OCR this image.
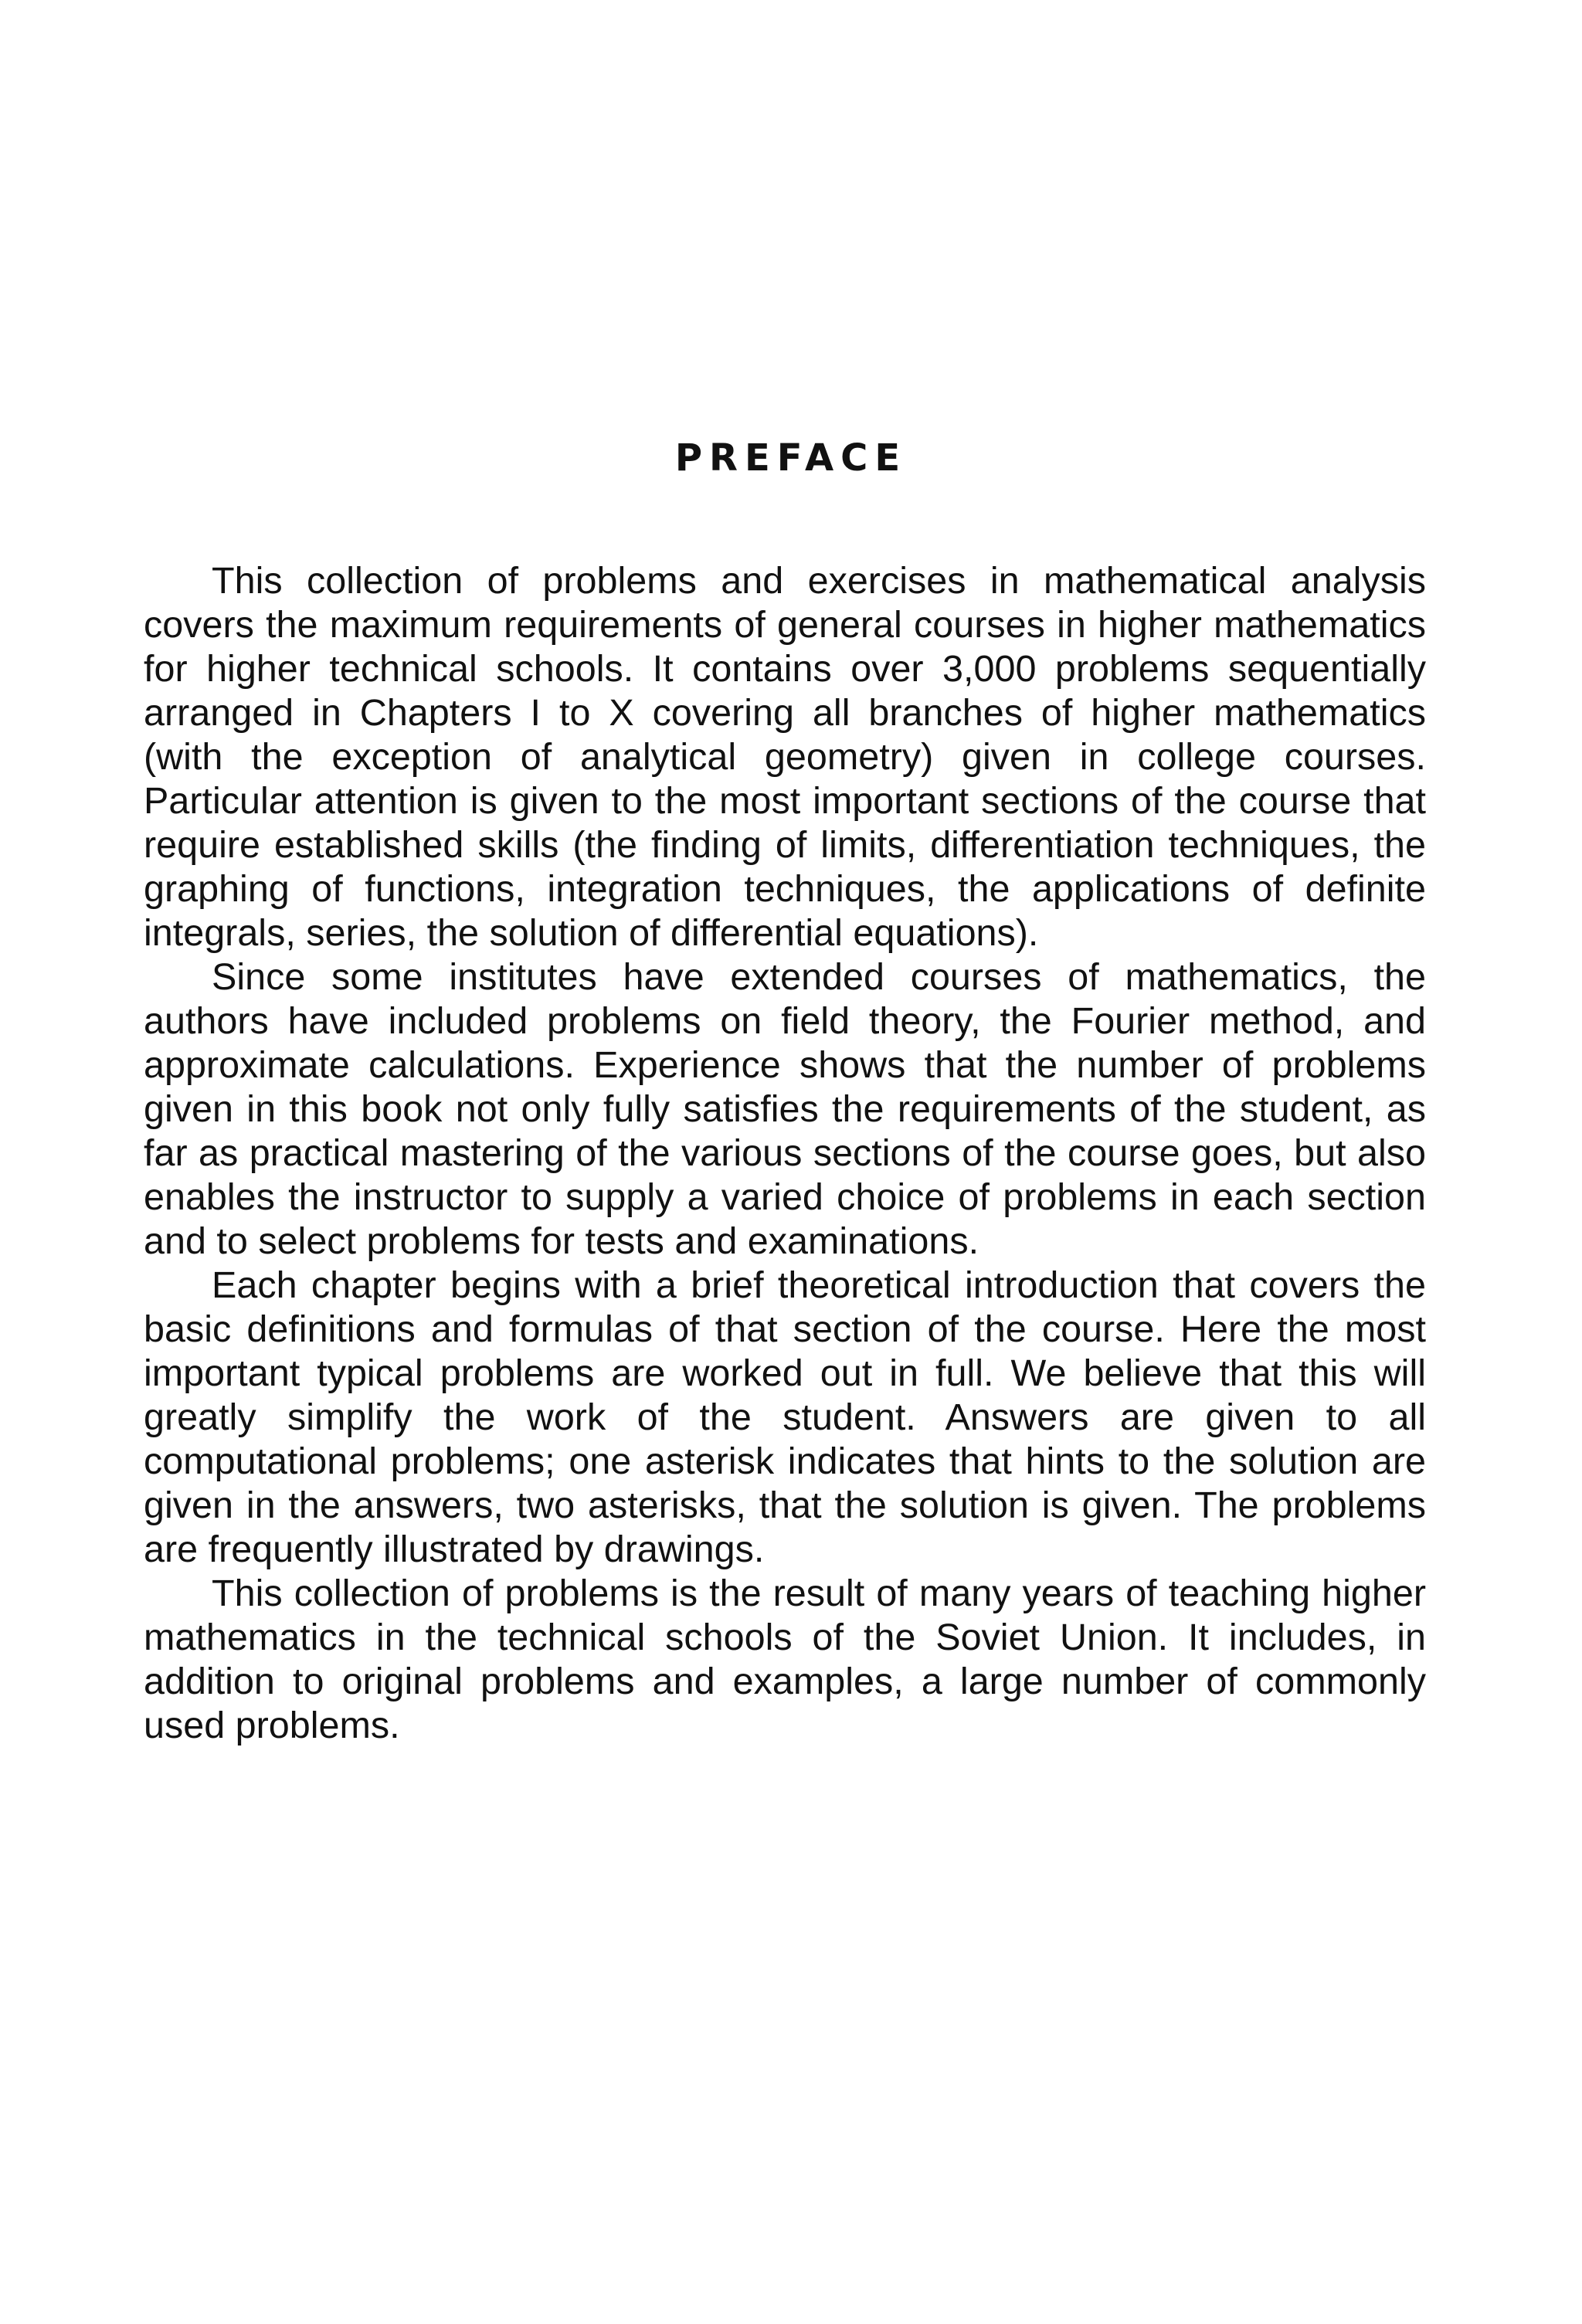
PREFACE

This collection of problems and exercises in mathematical analysis covers the maximum requirements of general courses in higher mathematics for higher technical schools. It contains over 3,000 problems sequentially arranged in Chapters I to X covering all branches of higher mathematics (with the exception of analytical geometry) given in college courses. Particular attention is given to the most important sections of the course that require established skills (the finding of limits, differentiation techniques, the graphing of functions, integration techniques, the applications of definite integrals, series, the solution of differential equations).

Since some institutes have extended courses of mathematics, the authors have included problems on field theory, the Fourier method, and approximate calculations. Experience shows that the number of problems given in this book not only fully satisfies the requirements of the student, as far as practical mastering of the various sections of the course goes, but also enables the instructor to supply a varied choice of problems in each section and to select problems for tests and examinations.

Each chapter begins with a brief theoretical introduction that covers the basic definitions and formulas of that section of the course. Here the most important typical problems are worked out in full. We believe that this will greatly simplify the work of the student. Answers are given to all computational problems; one asterisk indicates that hints to the solution are given in the answers, two asterisks, that the solution is given. The problems are frequently illustrated by drawings.

This collection of problems is the result of many years of teaching higher mathematics in the technical schools of the Soviet Union. It includes, in addition to original problems and examples, a large number of commonly used problems.
